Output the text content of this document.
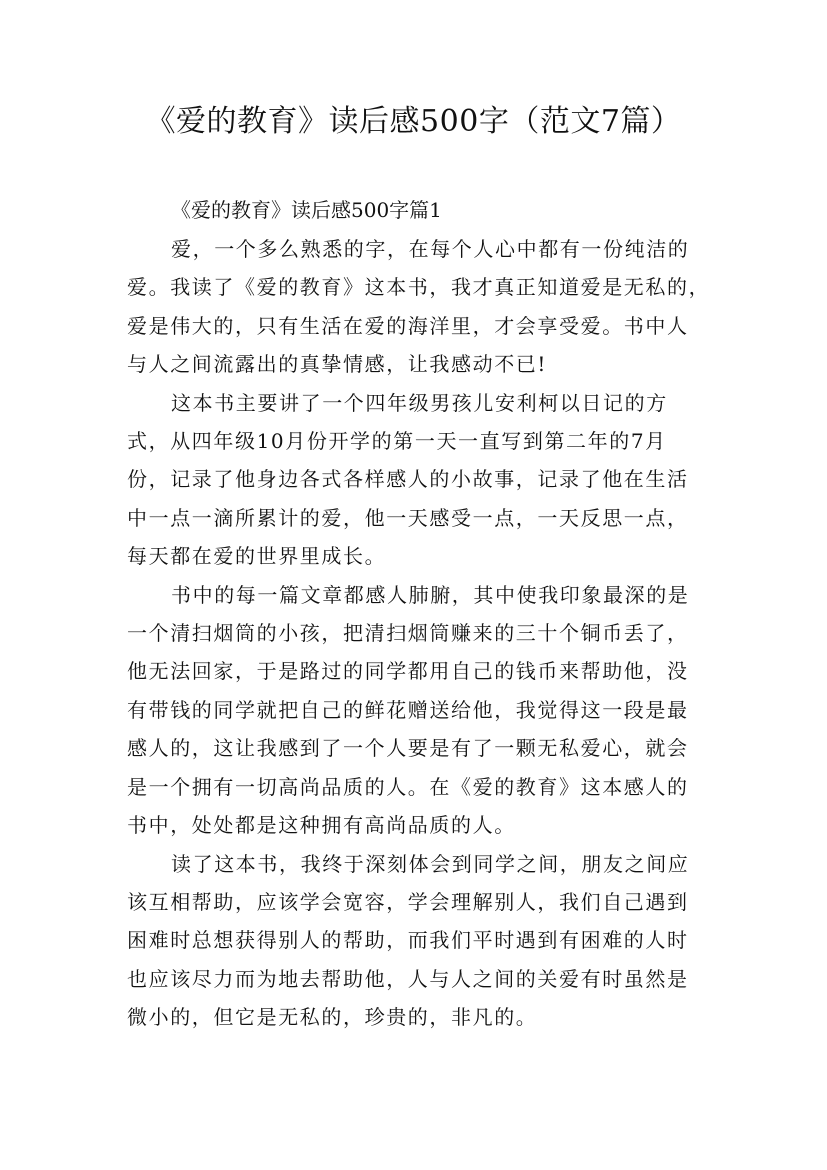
《爱的教育》读后感500字（范文7篇）

《爱的教育》读后感500字篇1

爱，一个多么熟悉的字，在每个人心中都有一份纯洁的
爱。我读了《爱的教育》这本书，我才真正知道爱是无私的，
爱是伟大的，只有生活在爱的海洋里，才会享受爱。书中人
与人之间流露出的真挚情感，让我感动不已!

这本书主要讲了一个四年级男孩儿安利柯以日记的方
式，从四年级10月份开学的第一天一直写到第二年的7月
份，记录了他身边各式各样感人的小故事，记录了他在生活
中一点一滴所累计的爱，他一天感受一点，一天反思一点，
每天都在爱的世界里成长。

书中的每一篇文章都感人肺腑，其中使我印象最深的是
一个清扫烟筒的小孩，把清扫烟筒赚来的三十个铜币丢了，
他无法回家，于是路过的同学都用自己的钱币来帮助他，没
有带钱的同学就把自己的鲜花赠送给他，我觉得这一段是最
感人的，这让我感到了一个人要是有了一颗无私爱心，就会
是一个拥有一切高尚品质的人。在《爱的教育》这本感人的
书中，处处都是这种拥有高尚品质的人。

读了这本书，我终于深刻体会到同学之间，朋友之间应
该互相帮助，应该学会宽容，学会理解别人，我们自己遇到
困难时总想获得别人的帮助，而我们平时遇到有困难的人时
也应该尽力而为地去帮助他，人与人之间的关爱有时虽然是
微小的，但它是无私的，珍贵的，非凡的。
